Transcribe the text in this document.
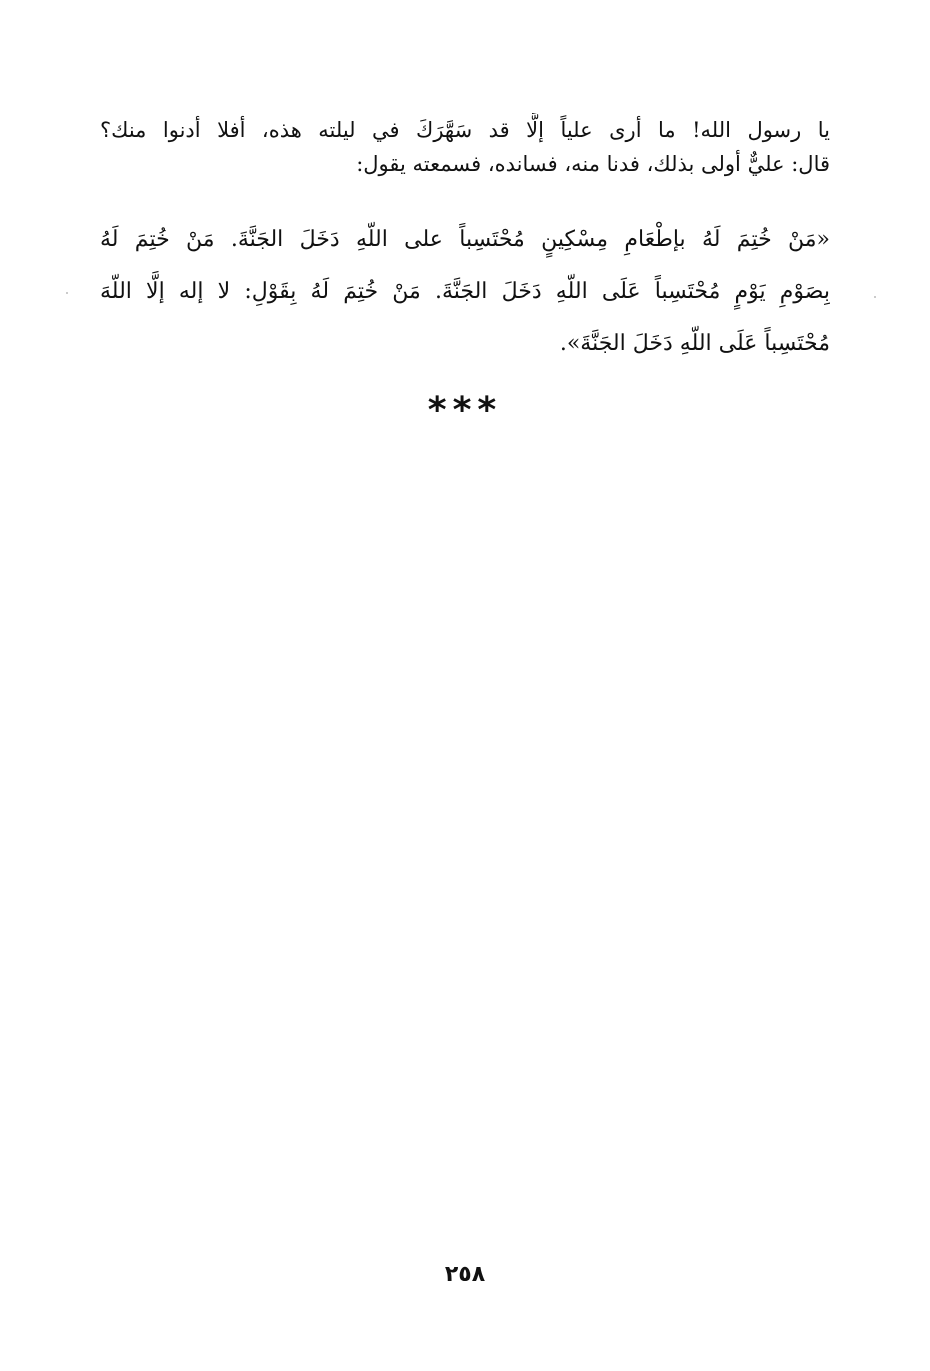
يا رسول الله! ما أرى علياً إلَّا قد سَهَّرَكَ في ليلته هذه، أفلا أدنوا منك؟
قال: عليٌّ أولى بذلك، فدنا منه، فسانده، فسمعته يقول:
«مَنْ خُتِمَ لَهُ بإطْعَامِ مِسْكِينٍ مُحْتَسِباً على اللّهِ دَخَلَ الجَنَّةَ. مَنْ خُتِمَ لَهُ
بِصَوْمِ يَوْمٍ مُحْتَسِباً عَلَى اللّهِ دَخَلَ الجَنَّةَ. مَنْ خُتِمَ لَهُ بِقَوْلِ: لا إله إلَّا اللّهَ
مُحْتَسِباً عَلَى اللّهِ دَخَلَ الجَنَّةَ».
***
٢٥٨
